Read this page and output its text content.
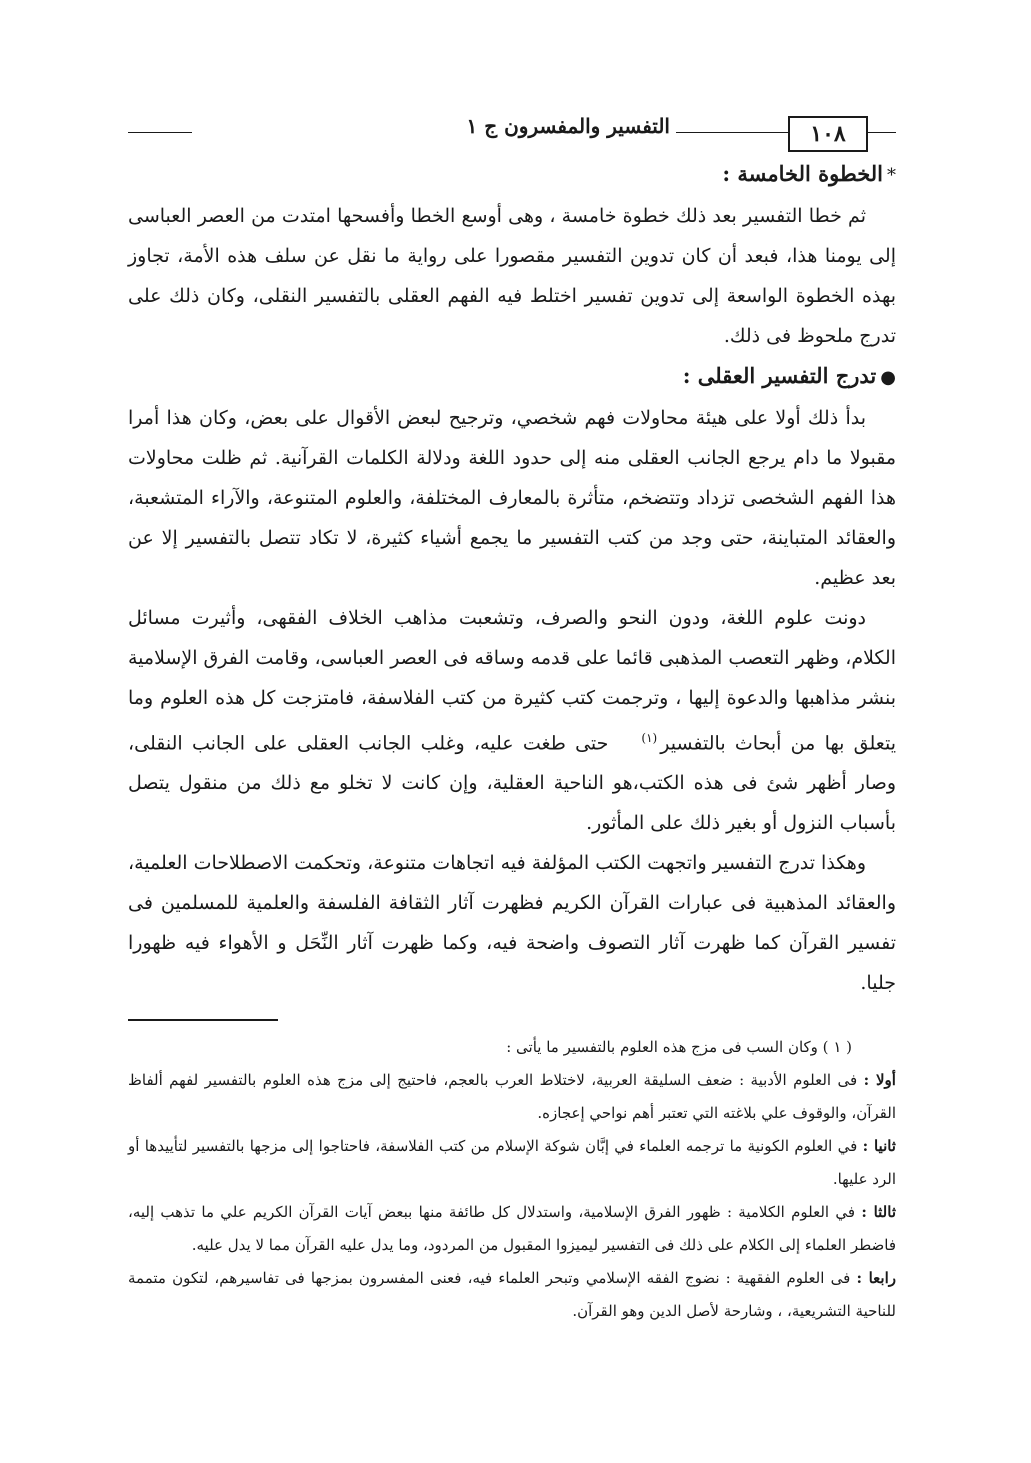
١٠٨
التفسير والمفسرون ج ١
*الخطوة الخامسة :

ثم خطا التفسير بعد ذلك خطوة خامسة ، وهى أوسع الخطا وأفسحها امتدت من العصر العباسى إلى يومنا هذا، فبعد أن كان تدوين التفسير مقصورا على رواية ما نقل عن سلف هذه الأمة، تجاوز بهذه الخطوة الواسعة إلى تدوين تفسير اختلط فيه الفهم العقلى بالتفسير النقلى، وكان ذلك على تدرج ملحوظ فى ذلك.

●تدرج التفسير العقلى :

بدأ ذلك أولا على هيئة محاولات فهم شخصي، وترجيح لبعض الأقوال على بعض، وكان هذا أمرا مقبولا ما دام يرجع الجانب العقلى منه إلى حدود اللغة ودلالة الكلمات القرآنية. ثم ظلت محاولات هذا الفهم الشخصى تزداد وتتضخم، متأثرة بالمعارف المختلفة، والعلوم المتنوعة، والآراء المتشعبة، والعقائد المتباينة، حتى وجد من كتب التفسير ما يجمع أشياء كثيرة، لا تكاد تتصل بالتفسير إلا عن بعد عظيم.

دونت علوم اللغة، ودون النحو والصرف، وتشعبت مذاهب الخلاف الفقهى، وأثيرت مسائل الكلام، وظهر التعصب المذهبى قائما على قدمه وساقه فى العصر العباسى، وقامت الفرق الإسلامية بنشر مذاهبها والدعوة إليها ، وترجمت كتب كثيرة من كتب الفلاسفة، فامتزجت كل هذه العلوم وما يتعلق بها من أبحاث بالتفسير(١)حتى طغت عليه، وغلب الجانب العقلى على الجانب النقلى، وصار أظهر شئ فى هذه الكتب،هو الناحية العقلية، وإن كانت لا تخلو مع ذلك من منقول يتصل بأسباب النزول أو بغير ذلك على المأثور.

وهكذا تدرج التفسير واتجهت الكتب المؤلفة فيه اتجاهات متنوعة، وتحكمت الاصطلاحات العلمية، والعقائد المذهبية فى عبارات القرآن الكريم فظهرت آثار الثقافة الفلسفة والعلمية للمسلمين فى تفسير القرآن كما ظهرت آثار التصوف واضحة فيه، وكما ظهرت آثار النِّحَل و الأهواء فيه ظهورا جليا.

( ١ ) وكان السب فى مزج هذه العلوم بالتفسير ما يأتى :

أولا : فى العلوم الأدبية : ضعف السليقة العربية، لاختلاط العرب بالعجم، فاحتيج إلى مزج هذه العلوم بالتفسير لفهم ألفاظ القرآن، والوقوف علي بلاغته التي تعتبر أهم نواحي إعجازه.

ثانيا : في العلوم الكونية ما ترجمه العلماء في إبَّان شوكة الإسلام من كتب الفلاسفة، فاحتاجوا إلى مزجها بالتفسير لتأييدها أو الرد عليها.

ثالثا : في العلوم الكلامية : ظهور الفرق الإسلامية، واستدلال كل طائفة منها ببعض آيات القرآن الكريم علي ما تذهب إليه، فاضطر العلماء إلى الكلام على ذلك فى التفسير ليميزوا المقبول من المردود، وما يدل عليه القرآن مما لا يدل عليه.

رابعا : فى العلوم الفقهية : نضوج الفقه الإسلامي وتبحر العلماء فيه، فعنى المفسرون بمزجها فى تفاسيرهم، لتكون متممة للناحية التشريعية، ، وشارحة لأصل الدين وهو القرآن.
